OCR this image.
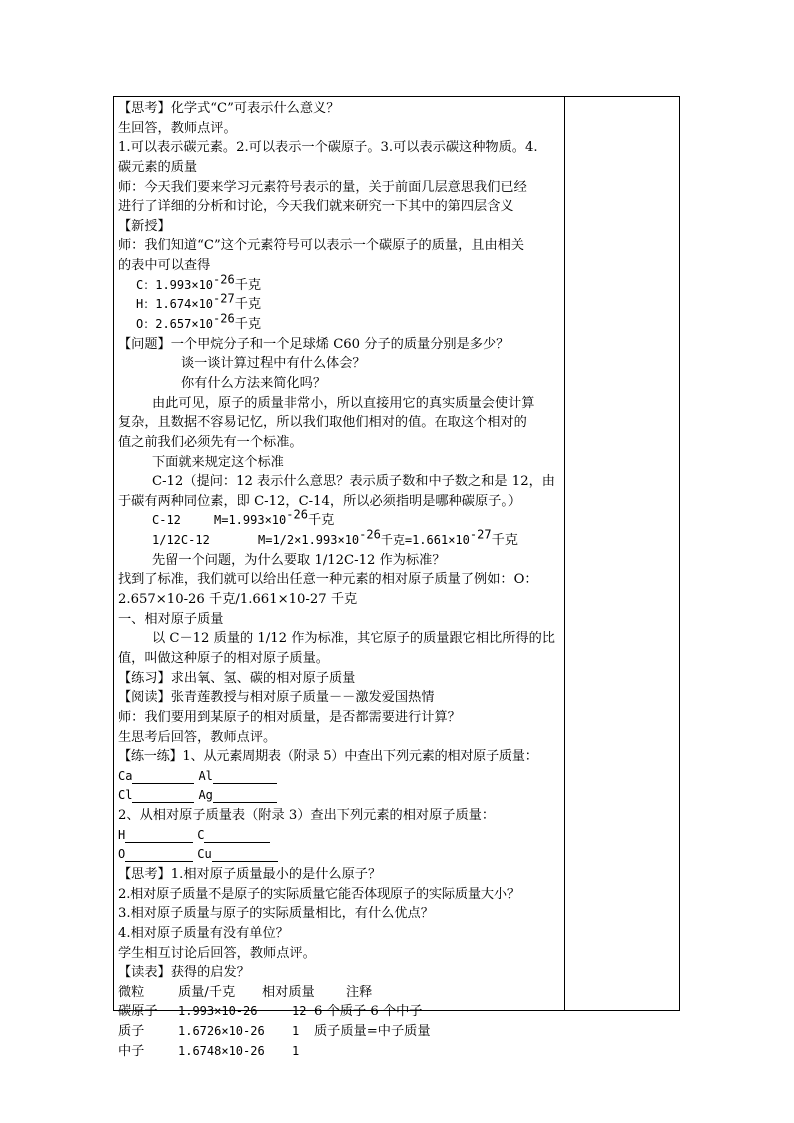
【思考】化学式“C”可表示什么意义？
生回答，教师点评。
1.可以表示碳元素。2.可以表示一个碳原子。3.可以表示碳这种物质。4.
碳元素的质量
师：今天我们要来学习元素符号表示的量，关于前面几层意思我们已经
进行了详细的分析和讨论，今天我们就来研究一下其中的第四层含义
【新授】
师：我们知道“C”这个元素符号可以表示一个碳原子的质量，且由相关
的表中可以查得
C：1.993×10-26千克
H：1.674×10-27千克
O：2.657×10-26千克
【问题】一个甲烷分子和一个足球烯 C60 分子的质量分别是多少？
谈一谈计算过程中有什么体会？
你有什么方法来简化吗？
由此可见，原子的质量非常小，所以直接用它的真实质量会使计算
复杂，且数据不容易记忆，所以我们取他们相对的值。在取这个相对的
值之前我们必须先有一个标准。
下面就来规定这个标准
C-12（提问：12 表示什么意思？表示质子数和中子数之和是 12，由
于碳有两种同位素，即 C-12，C-14，所以必须指明是哪种碳原子。）
C-12	M=1.993×10-26千克
1/12C-12	M=1/2×1.993×10-26千克=1.661×10-27千克
先留一个问题，为什么要取 1/12C-12 作为标准？
找到了标准，我们就可以给出任意一种元素的相对原子质量了例如：O：
2.657×10-26 千克/1.661×10-27 千克
一、相对原子质量
以 C－12 质量的 1/12 作为标准，其它原子的质量跟它相比所得的比
值，叫做这种原子的相对原子质量。
【练习】求出氧、氢、碳的相对原子质量
【阅读】张青莲教授与相对原子质量－－激发爱国热情
师：我们要用到某原子的相对质量，是否都需要进行计算？
生思考后回答，教师点评。
【练一练】1、从元素周期表（附录 5）中查出下列元素的相对原子质量：
Ca	Al
Cl	Ag
2、从相对原子质量表（附录 3）查出下列元素的相对原子质量：
H	C
O	Cu
【思考】1.相对原子质量最小的是什么原子？
2.相对原子质量不是原子的实际质量它能否体现原子的实际质量大小？
3.相对原子质量与原子的实际质量相比，有什么优点？
4.相对原子质量有没有单位？
学生相互讨论后回答，教师点评。
【读表】获得的启发？
微粒	质量/千克 相对质量 注释
碳原子 1.993×10-26	12 6 个质子 6 个中子
质子	1.6726×10-26 1 质子质量=中子质量
中子	1.6748×10-26 1
